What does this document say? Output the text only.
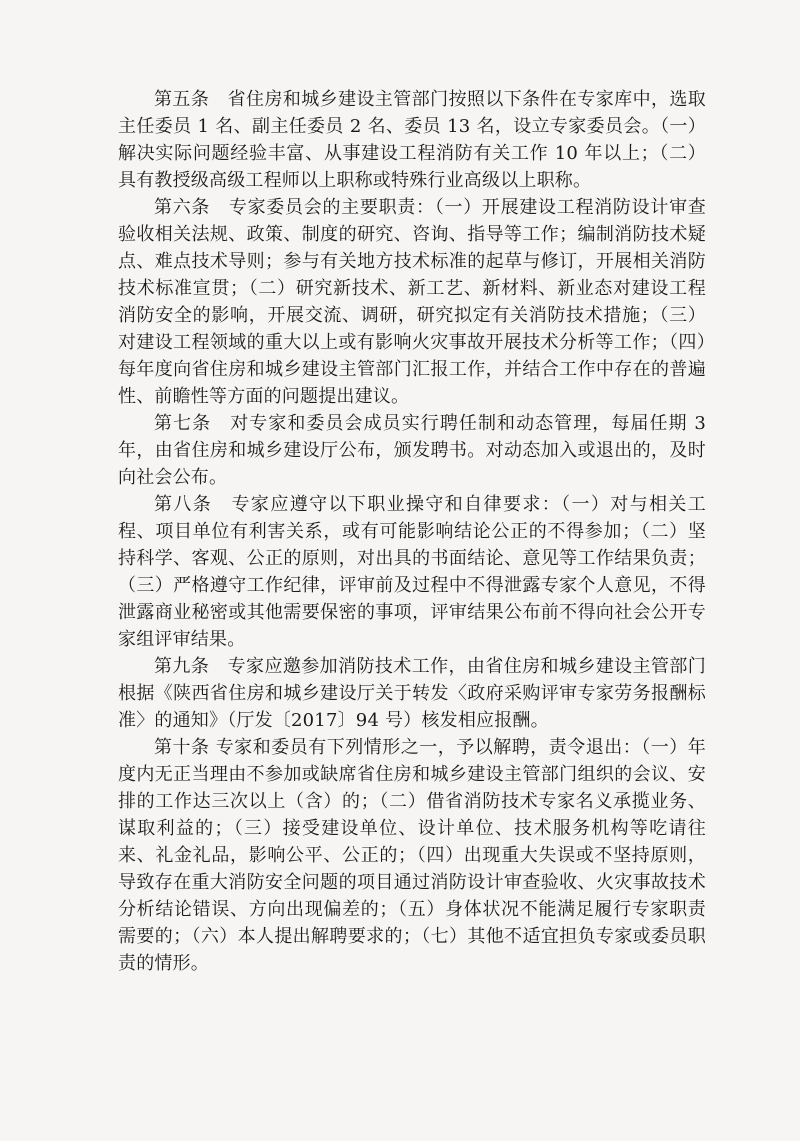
第五条　省住房和城乡建设主管部门按照以下条件在专家库中，选取主任委员 1 名、副主任委员 2 名、委员 13 名，设立专家委员会。（一）解决实际问题经验丰富、从事建设工程消防有关工作 10 年以上；（二）具有教授级高级工程师以上职称或特殊行业高级以上职称。

第六条　专家委员会的主要职责：（一）开展建设工程消防设计审查验收相关法规、政策、制度的研究、咨询、指导等工作；编制消防技术疑点、难点技术导则；参与有关地方技术标准的起草与修订，开展相关消防技术标准宣贯；（二）研究新技术、新工艺、新材料、新业态对建设工程消防安全的影响，开展交流、调研，研究拟定有关消防技术措施；（三）对建设工程领域的重大以上或有影响火灾事故开展技术分析等工作；（四）每年度向省住房和城乡建设主管部门汇报工作，并结合工作中存在的普遍性、前瞻性等方面的问题提出建议。

第七条　对专家和委员会成员实行聘任制和动态管理，每届任期 3 年，由省住房和城乡建设厅公布，颁发聘书。对动态加入或退出的，及时向社会公布。

第八条　专家应遵守以下职业操守和自律要求：（一）对与相关工程、项目单位有利害关系，或有可能影响结论公正的不得参加；（二）坚持科学、客观、公正的原则，对出具的书面结论、意见等工作结果负责；（三）严格遵守工作纪律，评审前及过程中不得泄露专家个人意见，不得泄露商业秘密或其他需要保密的事项，评审结果公布前不得向社会公开专家组评审结果。

第九条　专家应邀参加消防技术工作，由省住房和城乡建设主管部门根据《陕西省住房和城乡建设厅关于转发〈政府采购评审专家劳务报酬标准〉的通知》（厅发〔2017〕94 号）核发相应报酬。

第十条 专家和委员有下列情形之一，予以解聘，责令退出：（一）年度内无正当理由不参加或缺席省住房和城乡建设主管部门组织的会议、安排的工作达三次以上（含）的；（二）借省消防技术专家名义承揽业务、谋取利益的；（三）接受建设单位、设计单位、技术服务机构等吃请往来、礼金礼品，影响公平、公正的；（四）出现重大失误或不坚持原则，导致存在重大消防安全问题的项目通过消防设计审查验收、火灾事故技术分析结论错误、方向出现偏差的；（五）身体状况不能满足履行专家职责需要的；（六）本人提出解聘要求的；（七）其他不适宜担负专家或委员职责的情形。
